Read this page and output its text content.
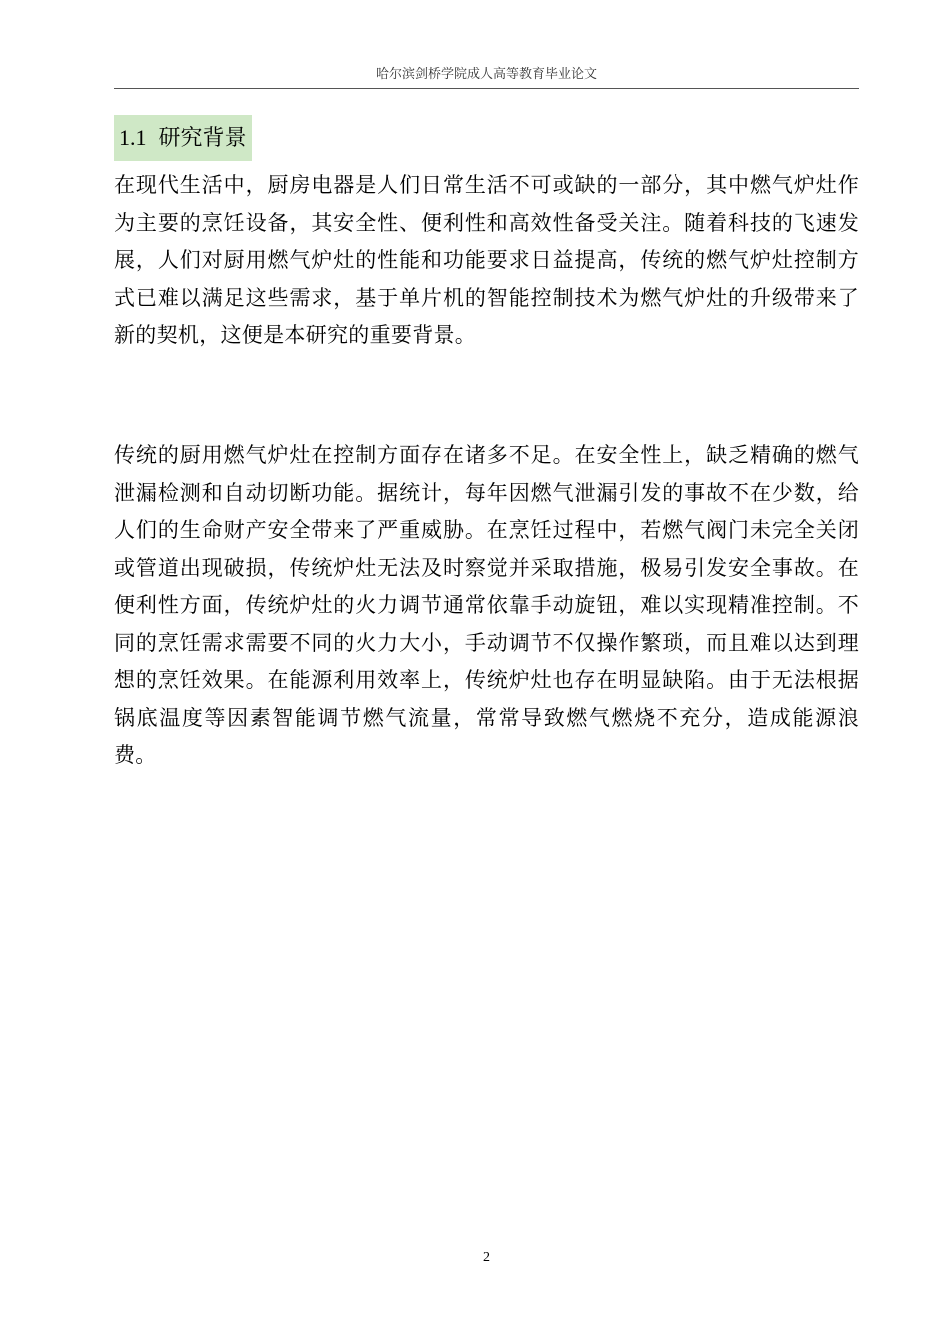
哈尔滨剑桥学院成人高等教育毕业论文
1.1 研究背景

在现代生活中，厨房电器是人们日常生活不可或缺的一部分，其中燃气炉灶作为主要的烹饪设备，其安全性、便利性和高效性备受关注。随着科技的飞速发展，人们对厨用燃气炉灶的性能和功能要求日益提高，传统的燃气炉灶控制方式已难以满足这些需求，基于单片机的智能控制技术为燃气炉灶的升级带来了新的契机，这便是本研究的重要背景。

传统的厨用燃气炉灶在控制方面存在诸多不足。在安全性上，缺乏精确的燃气泄漏检测和自动切断功能。据统计，每年因燃气泄漏引发的事故不在少数，给人们的生命财产安全带来了严重威胁。在烹饪过程中，若燃气阀门未完全关闭或管道出现破损，传统炉灶无法及时察觉并采取措施，极易引发安全事故。在便利性方面，传统炉灶的火力调节通常依靠手动旋钮，难以实现精准控制。不同的烹饪需求需要不同的火力大小，手动调节不仅操作繁琐，而且难以达到理想的烹饪效果。在能源利用效率上，传统炉灶也存在明显缺陷。由于无法根据锅底温度等因素智能调节燃气流量，常常导致燃气燃烧不充分，造成能源浪费。

2
